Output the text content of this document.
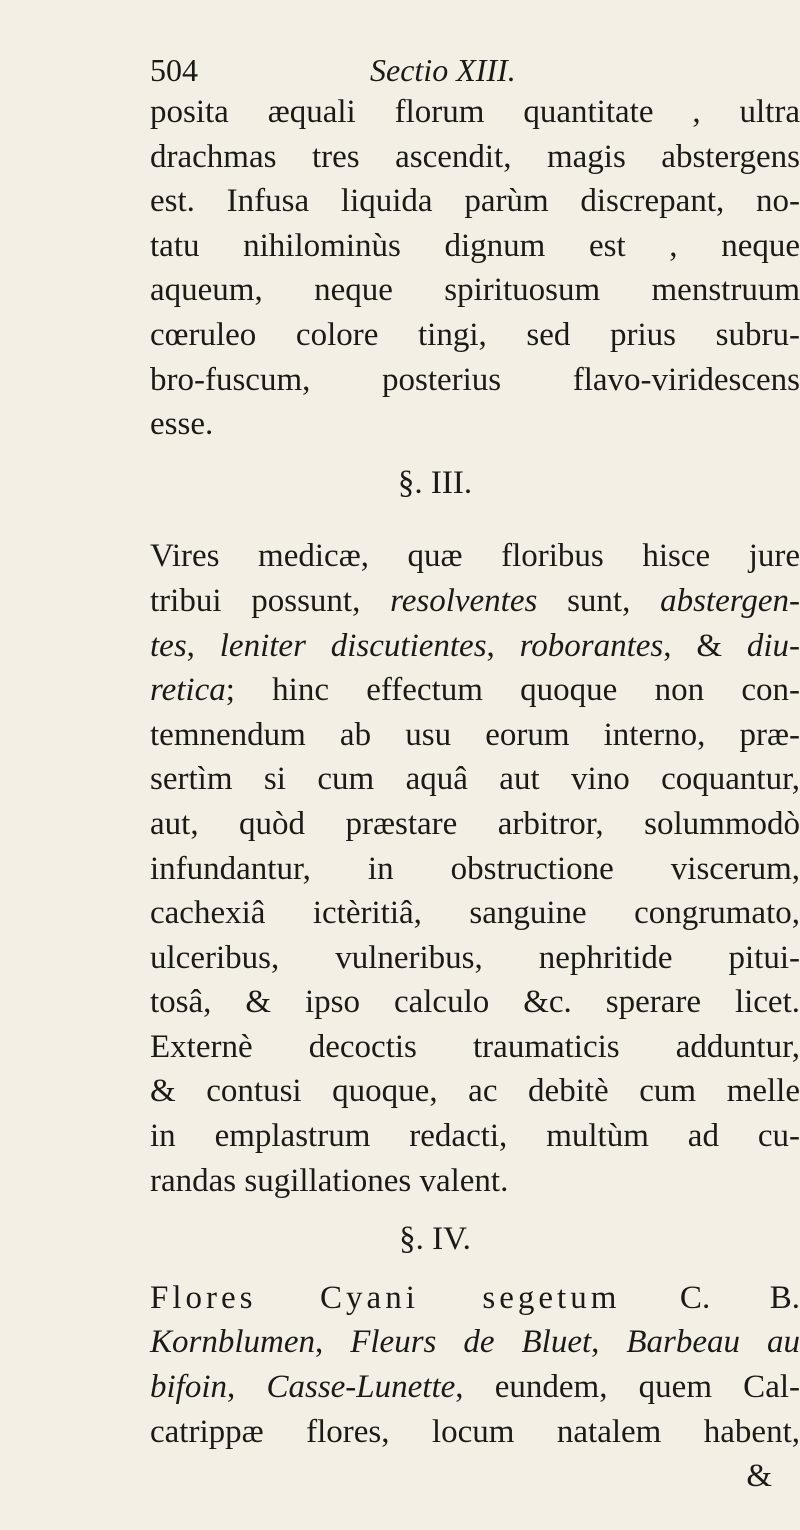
504	Sectio XIII.
posita æquali florum quantitate , ultra
drachmas tres ascendit, magis abstergens
est. Infusa liquida parùm discrepant, no-
tatu nihilominùs dignum est , neque
aqueum, neque spirituosum menstruum
cœruleo colore tingi, sed prius subru-
bro-fuscum, posterius flavo-viridescens
esse.
§. III.
Vires medicæ, quæ floribus hisce jure
tribui possunt, resolventes sunt, abstergen-
tes, leniter discutientes, roborantes, & diu-
retica; hinc effectum quoque non con-
temnendum ab usu eorum interno, præ-
sertìm si cum aquâ aut vino coquantur,
aut, quòd præstare arbitror, solummodò
infundantur, in obstructione viscerum,
cachexiâ ictèritiâ, sanguine congrumato,
ulceribus, vulneribus, nephritide pitui-
tosâ, & ipso calculo &c. sperare licet.
Externè decoctis traumaticis adduntur,
& contusi quoque, ac debitè cum melle
in emplastrum redacti, multùm ad cu-
randas sugillationes valent.
§. IV.
Flores Cyani segetum C. B.
Kornblumen, Fleurs de Bluet, Barbeau au
bifoin, Casse-Lunette, eundem, quem Cal-
catrippæ flores, locum natalem habent,
&
